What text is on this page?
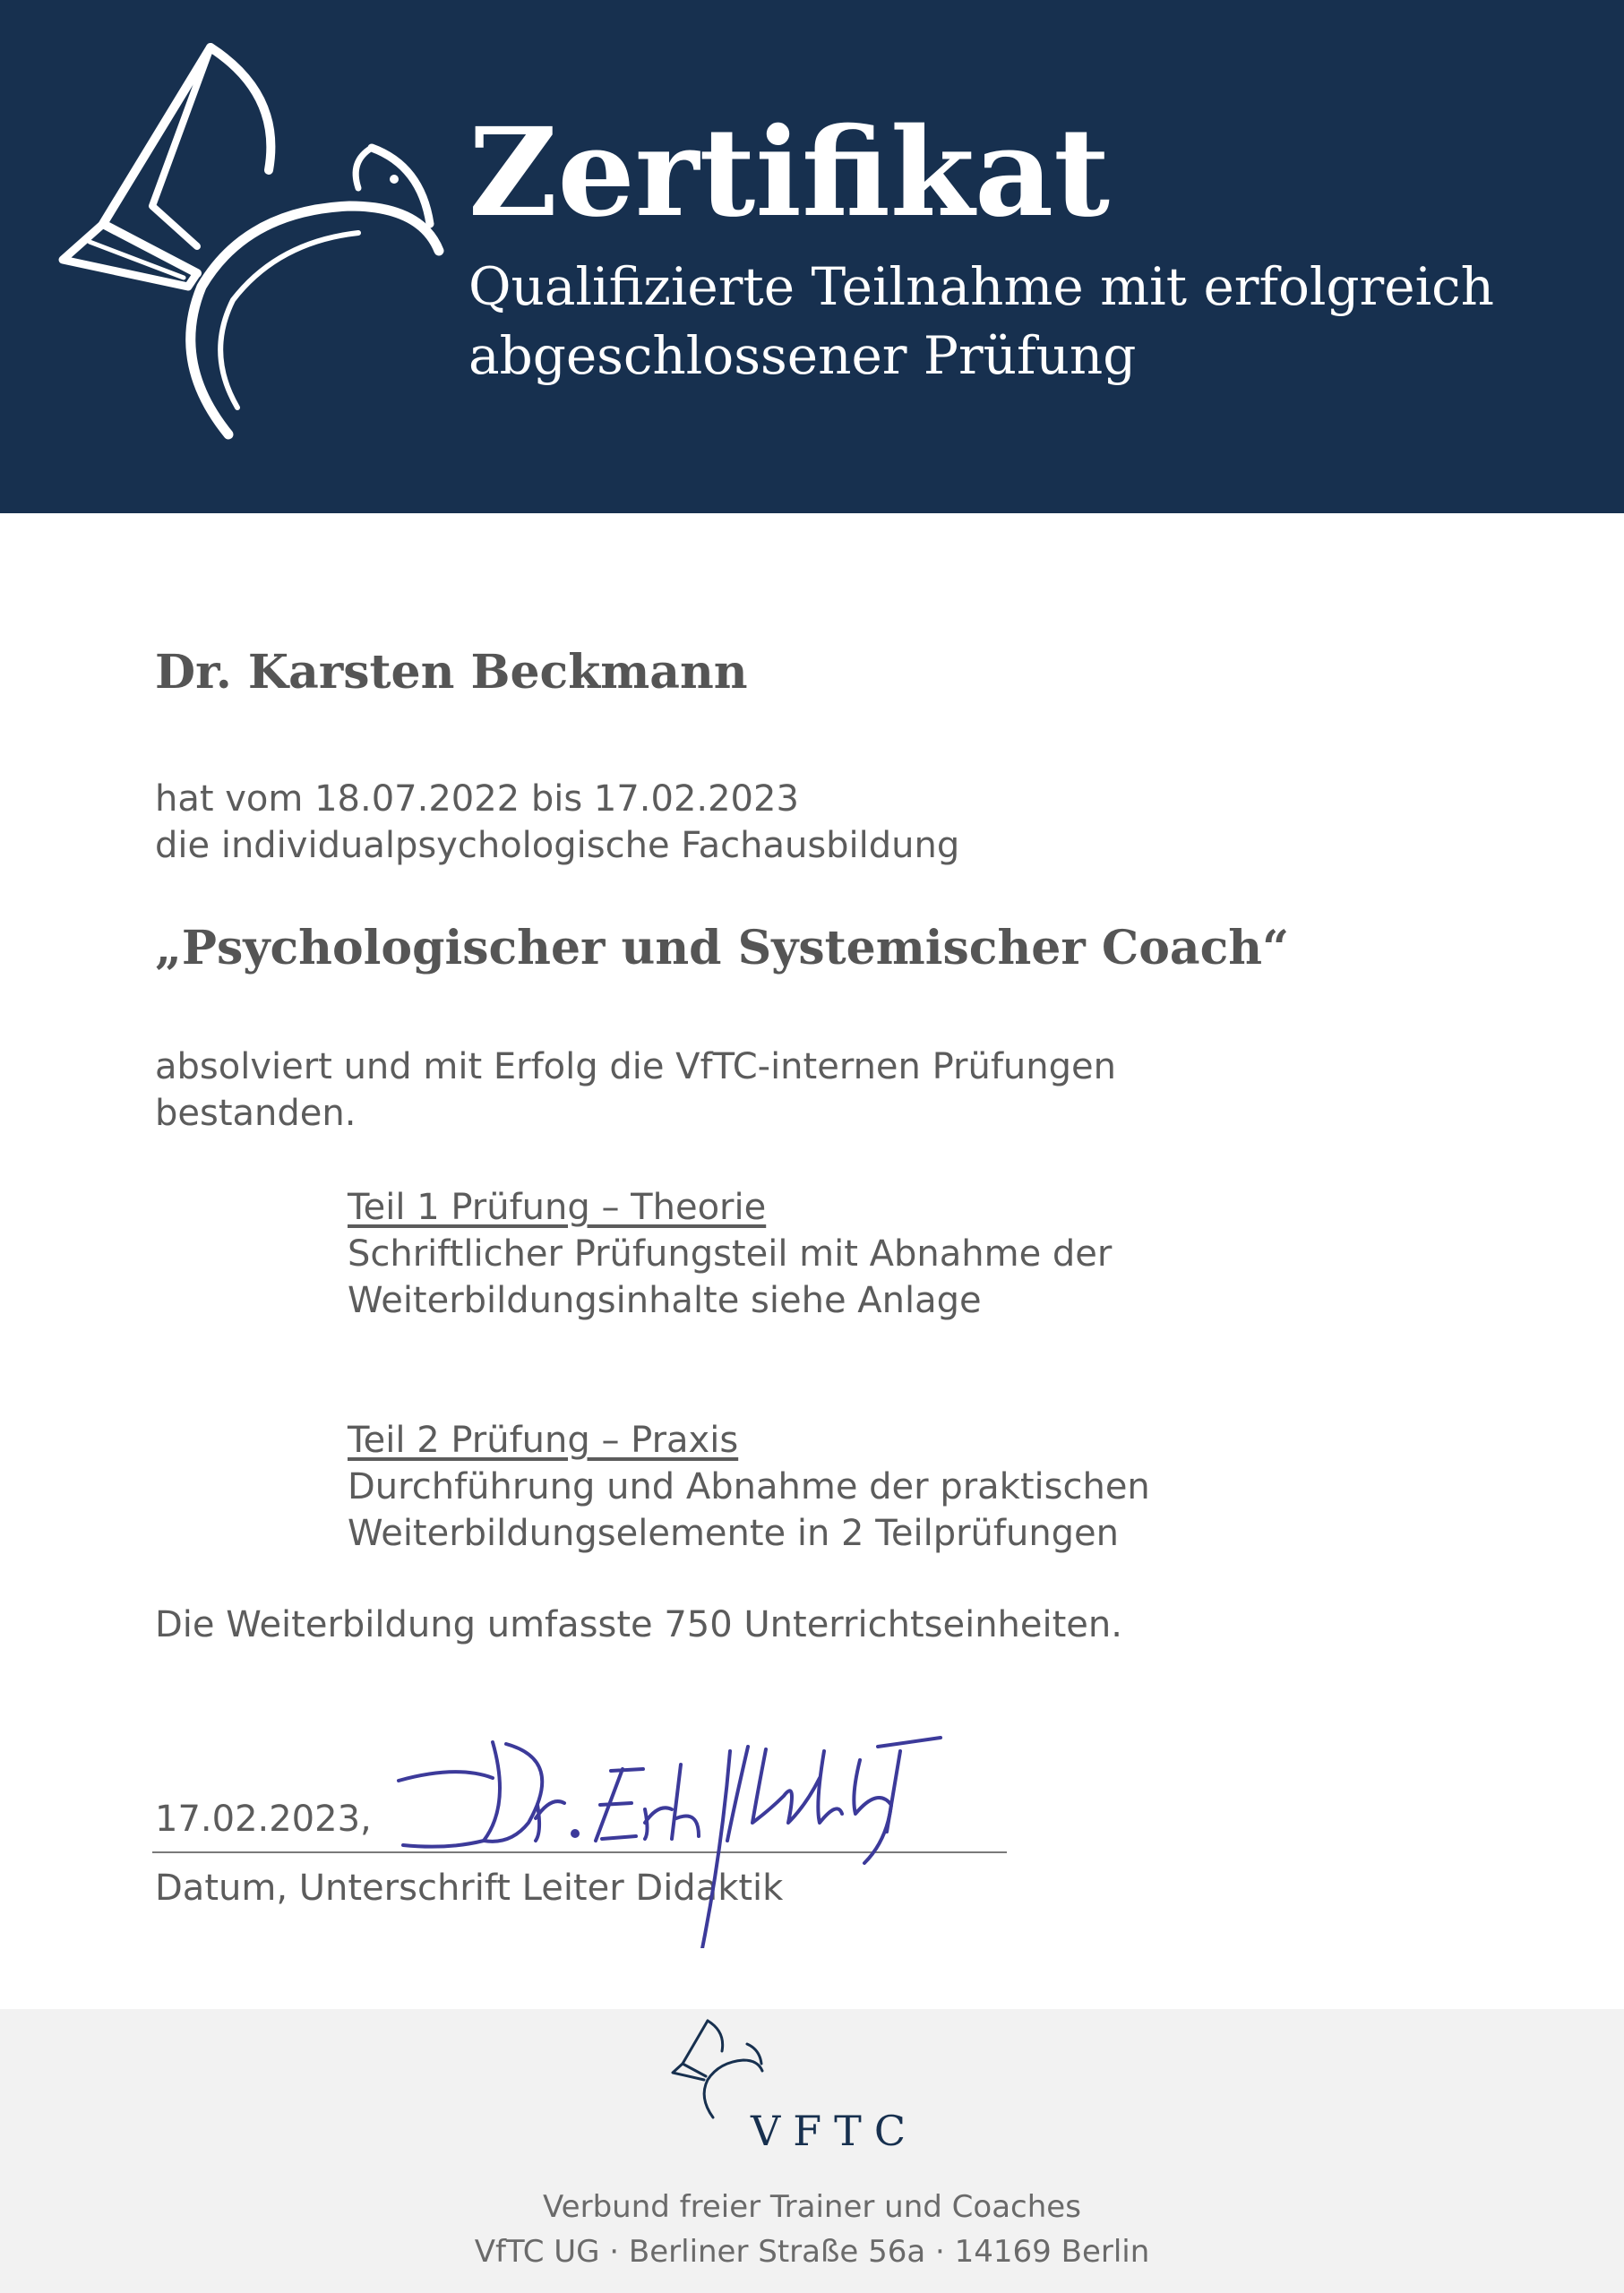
Zertifikat
Qualifizierte Teilnahme mit erfolgreich
abgeschlossener Prüfung
Dr. Karsten Beckmann
hat vom 18.07.2022 bis 17.02.2023
die individualpsychologische Fachausbildung
„Psychologischer und Systemischer Coach“
absolviert und mit Erfolg die VfTC-internen Prüfungen
bestanden.
Teil 1 Prüfung – Theorie
Schriftlicher Prüfungsteil mit Abnahme der
Weiterbildungsinhalte siehe Anlage
Teil 2 Prüfung – Praxis
Durchführung und Abnahme der praktischen
Weiterbildungselemente in 2 Teilprüfungen
Die Weiterbildung umfasste 750 Unterrichtseinheiten.
17.02.2023,
Datum, Unterschrift Leiter Didaktik
VFTC
Verbund freier Trainer und Coaches
VfTC UG · Berliner Straße 56a · 14169 Berlin
